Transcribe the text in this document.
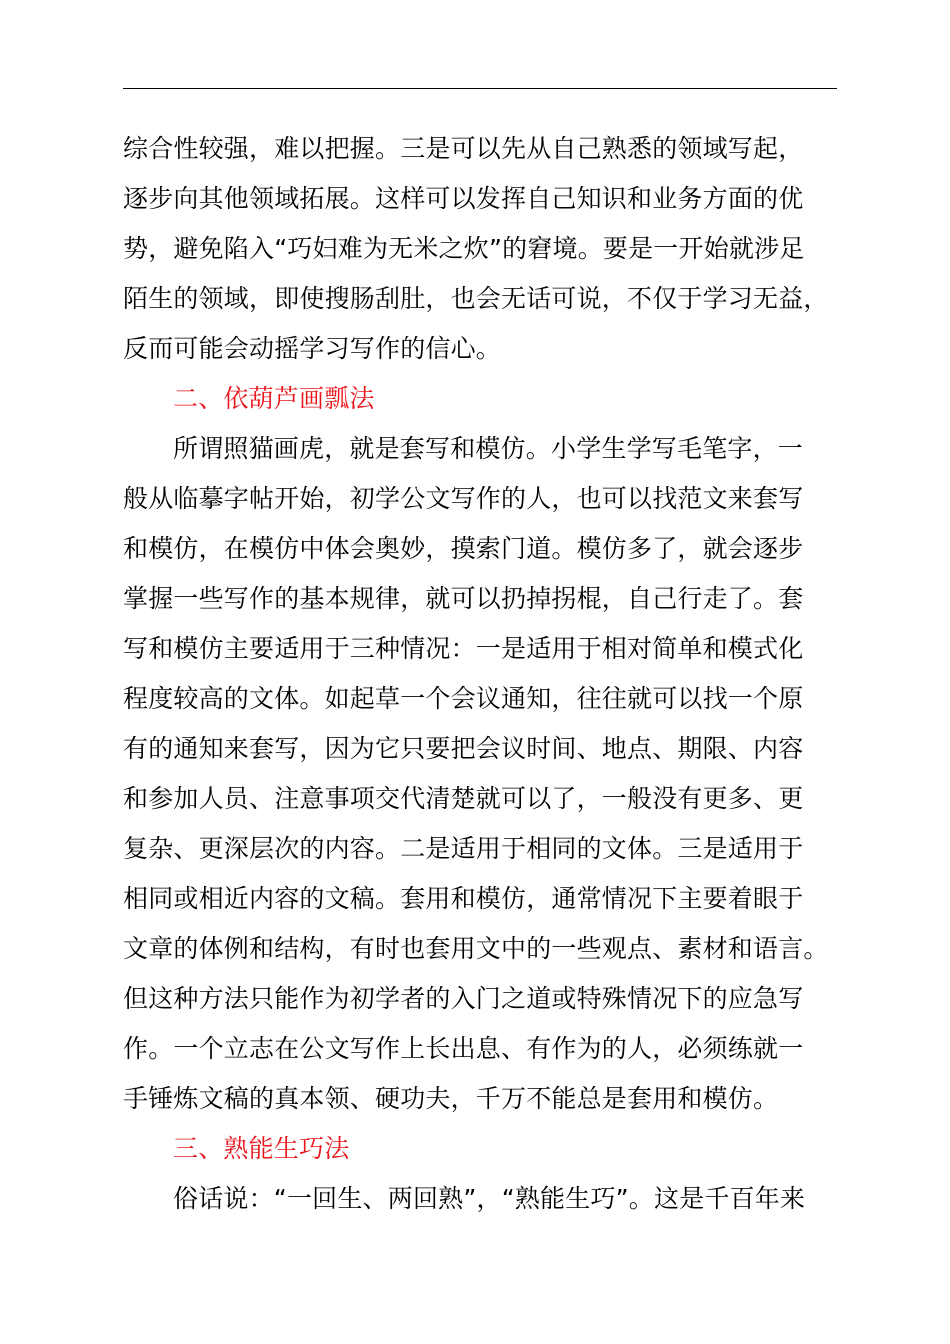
综合性较强，难以把握。三是可以先从自己熟悉的领域写起，
逐步向其他领域拓展。这样可以发挥自己知识和业务方面的优
势，避免陷入“巧妇难为无米之炊”的窘境。要是一开始就涉足
陌生的领域，即使搜肠刮肚，也会无话可说，不仅于学习无益，
反而可能会动摇学习写作的信心。
二、依葫芦画瓢法
所谓照猫画虎，就是套写和模仿。小学生学写毛笔字，一
般从临摹字帖开始，初学公文写作的人，也可以找范文来套写
和模仿，在模仿中体会奥妙，摸索门道。模仿多了，就会逐步
掌握一些写作的基本规律，就可以扔掉拐棍，自己行走了。套
写和模仿主要适用于三种情况：一是适用于相对简单和模式化
程度较高的文体。如起草一个会议通知，往往就可以找一个原
有的通知来套写，因为它只要把会议时间、地点、期限、内容
和参加人员、注意事项交代清楚就可以了，一般没有更多、更
复杂、更深层次的内容。二是适用于相同的文体。三是适用于
相同或相近内容的文稿。套用和模仿，通常情况下主要着眼于
文章的体例和结构，有时也套用文中的一些观点、素材和语言。
但这种方法只能作为初学者的入门之道或特殊情况下的应急写
作。一个立志在公文写作上长出息、有作为的人，必须练就一
手锤炼文稿的真本领、硬功夫，千万不能总是套用和模仿。
三、熟能生巧法
俗话说：“一回生、两回熟”，“熟能生巧”。这是千百年来
